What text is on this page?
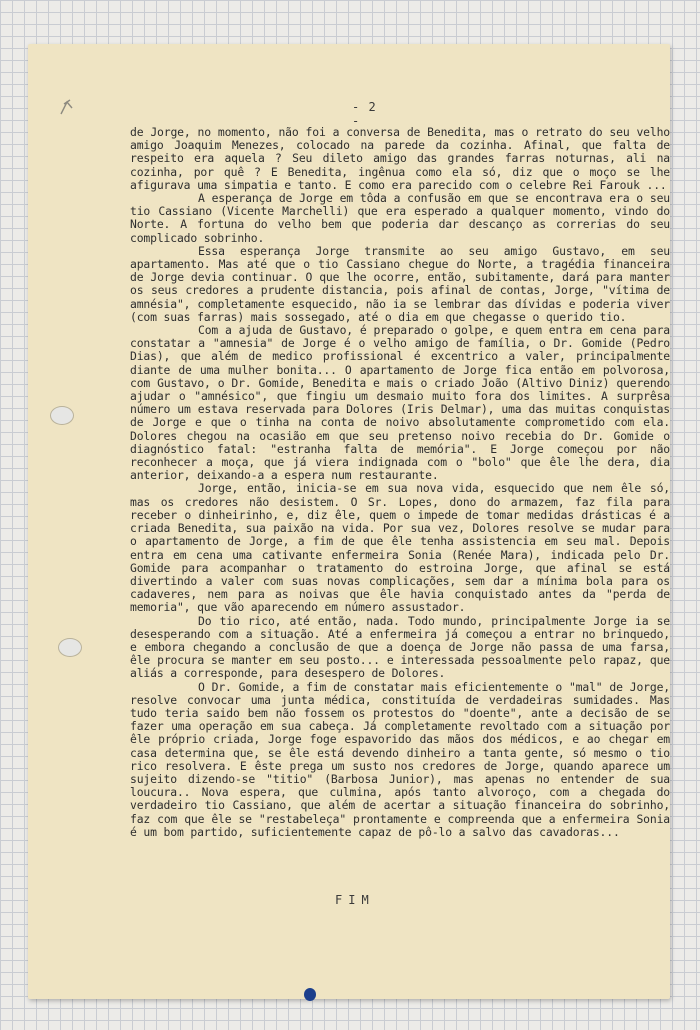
- 2 -

de Jorge, no momento, não foi a conversa de Benedita, mas o retrato do seu velho amigo Joaquim Menezes, colocado na parede da cozinha. Afinal, que falta de respeito era aquela ? Seu dileto amigo das grandes farras noturnas, ali na cozinha, por quê ? E Benedita, ingênua como ela só, diz que o moço se lhe afigurava uma simpatia e tanto. E como era parecido com o celebre Rei Farouk ...

A esperança de Jorge em tôda a confusão em que se encontrava era o seu tio Cassiano (Vicente Marchelli) que era esperado a qualquer momento, vindo do Norte. A fortuna do velho bem que poderia dar descanço as correrias do seu complicado sobrinho.

Essa esperança Jorge transmite ao seu amigo Gustavo, em seu apartamento. Mas até que o tio Cassiano chegue do Norte, a tragédia financeira de Jorge devia continuar. O que lhe ocorre, então, subitamente, dará para manter os seus credores a prudente distancia, pois afinal de contas, Jorge, "vítima de amnésia", completamente esquecido, não ia se lembrar das dívidas e poderia viver (com suas farras) mais sossegado, até o dia em que chegasse o querido tio.

Com a ajuda de Gustavo, é preparado o golpe, e quem entra em cena para constatar a "amnesia" de Jorge é o velho amigo de família, o Dr. Gomide (Pedro Dias), que além de medico profissional é excentrico a valer, principalmente diante de uma mulher bonita... O apartamento de Jorge fica então em polvorosa, com Gustavo, o Dr. Gomide, Benedita e mais o criado João (Altivo Diniz) querendo ajudar o "amnésico", que fingiu um desmaio muito fora dos limites. A surprêsa número um estava reservada para Dolores (Iris Delmar), uma das muitas conquistas de Jorge e que o tinha na conta de noivo absolutamente comprometido com ela. Dolores chegou na ocasião em que seu pretenso noivo recebia do Dr. Gomide o diagnóstico fatal: "estranha falta de memória". E Jorge começou por não reconhecer a moça, que já viera indignada com o "bolo" que êle lhe dera, dia anterior, deixando-a a espera num restaurante.

Jorge, então, inicia-se em sua nova vida, esquecido que nem êle só, mas os credores não desistem. O Sr. Lopes, dono do armazem, faz fila para receber o dinheirinho, e, diz êle, quem o impede de tomar medidas drásticas é a criada Benedita, sua paixão na vida. Por sua vez, Dolores resolve se mudar para o apartamento de Jorge, a fim de que êle tenha assistencia em seu mal. Depois entra em cena uma cativante enfermeira Sonia (Renée Mara), indicada pelo Dr. Gomide para acompanhar o tratamento do estroina Jorge, que afinal se está divertindo a valer com suas novas complicações, sem dar a mínima bola para os cadaveres, nem para as noivas que êle havia conquistado antes da "perda de memoria", que vão aparecendo em número assustador.

Do tio rico, até então, nada. Todo mundo, principalmente Jorge ia se desesperando com a situação. Até a enfermeira já começou a entrar no brinquedo, e embora chegando a conclusão de que a doença de Jorge não passa de uma farsa, êle procura se manter em seu posto... e interessada pessoalmente pelo rapaz, que aliás a corresponde, para desespero de Dolores.

O Dr. Gomide, a fim de constatar mais eficientemente o "mal" de Jorge, resolve convocar uma junta médica, constituída de verdadeiras sumidades. Mas tudo teria saido bem não fossem os protestos do "doente", ante a decisão de se fazer uma operação em sua cabeça. Já completamente revoltado com a situação por êle próprio criada, Jorge foge espavorido das mãos dos médicos, e ao chegar em casa determina que, se êle está devendo dinheiro a tanta gente, só mesmo o tio rico resolvera. E êste prega um susto nos credores de Jorge, quando aparece um sujeito dizendo-se "titio" (Barbosa Junior), mas apenas no entender de sua loucura.. Nova espera, que culmina, após tanto alvoroço, com a chegada do verdadeiro tio Cassiano, que além de acertar a situação financeira do sobrinho, faz com que êle se "restabeleça" prontamente e compreenda que a enfermeira Sonia é um bom partido, suficientemente capaz de pô-lo a salvo das cavadoras...

FIM
